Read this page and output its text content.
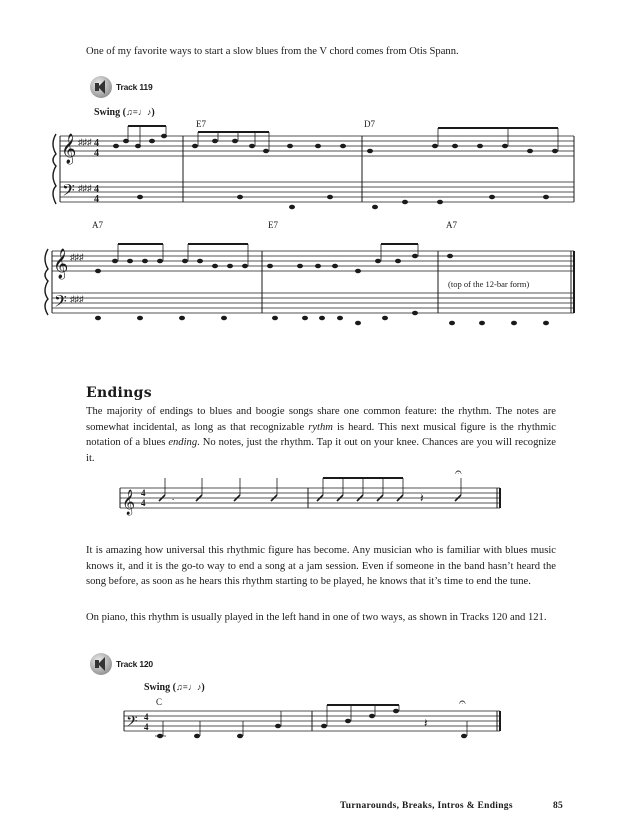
One of my favorite ways to start a slow blues from the V chord comes from Otis Spann.
Track 119
Swing (♫=♩♪)
E7	D7
𝄞
𝄢
♯♯♯
♯♯♯
4
4
4
4
A7	E7	A7
𝄞
𝄢
♯♯♯
♯♯♯
(top of the 12-bar form)
Endings
The majority of endings to blues and boogie songs share one common feature: the rhythm. The notes are somewhat incidental, as long as that recognizable rythm is heard. This next musical figure is the rhythmic notation of a blues ending. No notes, just the rhythm. Tap it out on your knee. Chances are you will recognize it.
𝄞 4
4
.	𝄽
𝄐
It is amazing how universal this rhythmic figure has become. Any musician who is familiar with blues music knows it, and it is the go-to way to end a song at a jam session. Even if someone in the band hasn’t heard the song before, as soon as he hears this rhythm starting to be played, he knows that it’s time to end the tune.
On piano, this rhythm is usually played in the left hand in one of two ways, as shown in Tracks 120 and 121.
Track 120
Swing (♫=♩♪)
C
𝄢 4
4	𝄽
𝄐
Turnarounds, Breaks, Intros & Endings	85
